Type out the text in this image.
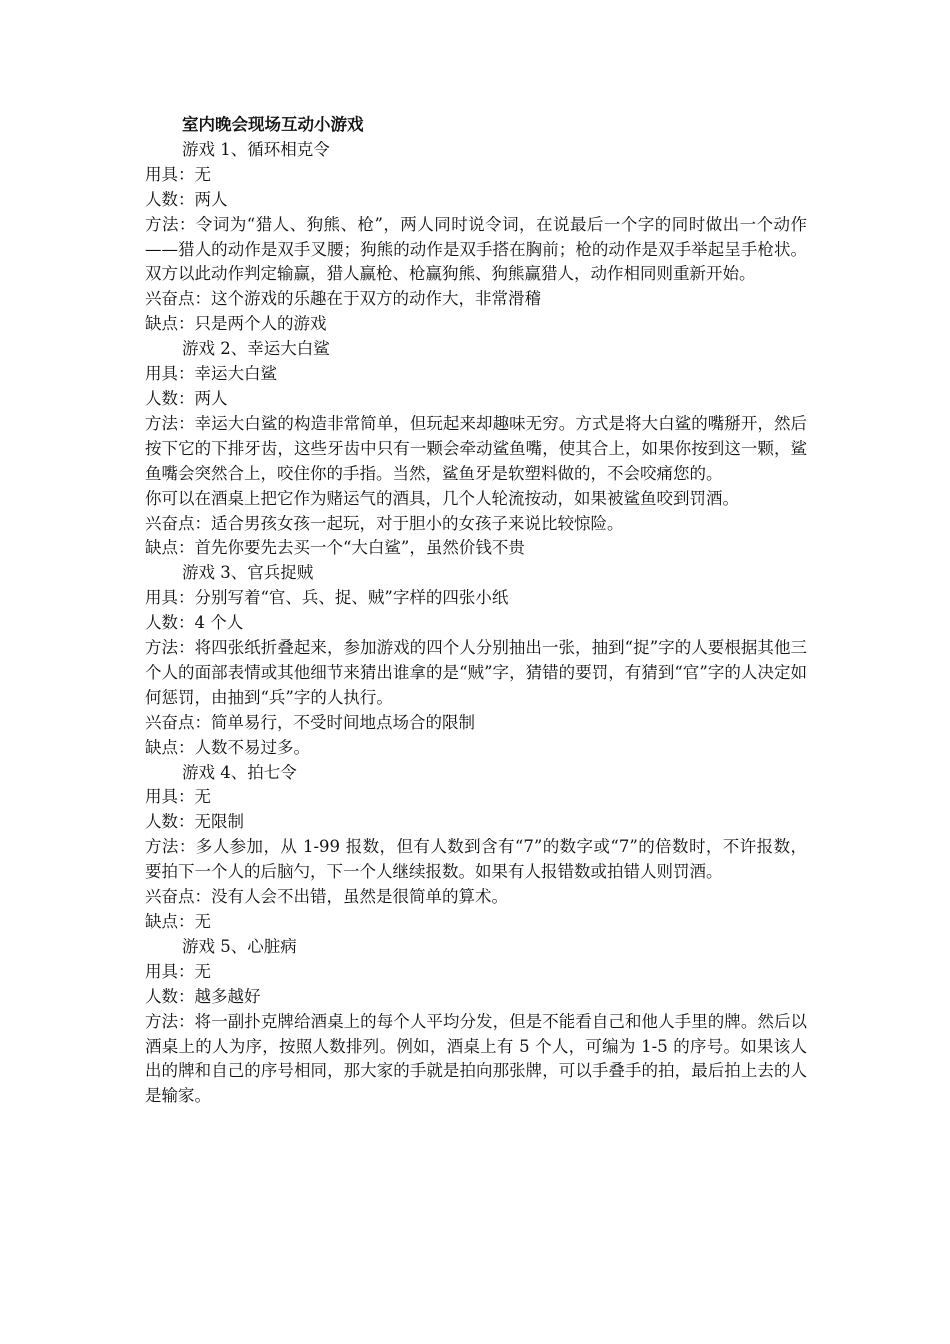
室内晚会现场互动小游戏
游戏 1、循环相克令
用具：无
人数：两人
方法：令词为“猎人、狗熊、枪”，两人同时说令词，在说最后一个字的同时做出一个动作——猎人的动作是双手叉腰；狗熊的动作是双手搭在胸前；枪的动作是双手举起呈手枪状。双方以此动作判定输赢，猎人赢枪、枪赢狗熊、狗熊赢猎人，动作相同则重新开始。
兴奋点：这个游戏的乐趣在于双方的动作大，非常滑稽
缺点：只是两个人的游戏
游戏 2、幸运大白鲨
用具：幸运大白鲨
人数：两人
方法：幸运大白鲨的构造非常简单，但玩起来却趣味无穷。方式是将大白鲨的嘴掰开，然后按下它的下排牙齿，这些牙齿中只有一颗会牵动鲨鱼嘴，使其合上，如果你按到这一颗，鲨鱼嘴会突然合上，咬住你的手指。当然，鲨鱼牙是软塑料做的，不会咬痛您的。
你可以在酒桌上把它作为赌运气的酒具，几个人轮流按动，如果被鲨鱼咬到罚酒。
兴奋点：适合男孩女孩一起玩，对于胆小的女孩子来说比较惊险。
缺点：首先你要先去买一个“大白鲨”，虽然价钱不贵
游戏 3、官兵捉贼
用具：分别写着“官、兵、捉、贼”字样的四张小纸
人数：4 个人
方法：将四张纸折叠起来，参加游戏的四个人分别抽出一张，抽到“捉”字的人要根据其他三个人的面部表情或其他细节来猜出谁拿的是“贼”字，猜错的要罚，有猜到“官”字的人决定如何惩罚，由抽到“兵”字的人执行。
兴奋点：简单易行，不受时间地点场合的限制
缺点：人数不易过多。
游戏 4、拍七令
用具：无
人数：无限制
方法：多人参加，从 1-99 报数，但有人数到含有“7”的数字或“7”的倍数时，不许报数，要拍下一个人的后脑勺，下一个人继续报数。如果有人报错数或拍错人则罚酒。
兴奋点：没有人会不出错，虽然是很简单的算术。
缺点：无
游戏 5、心脏病
用具：无
人数：越多越好
方法：将一副扑克牌给酒桌上的每个人平均分发，但是不能看自己和他人手里的牌。然后以酒桌上的人为序，按照人数排列。例如，酒桌上有 5 个人，可编为 1-5 的序号。如果该人出的牌和自己的序号相同，那大家的手就是拍向那张牌，可以手叠手的拍，最后拍上去的人是输家。
